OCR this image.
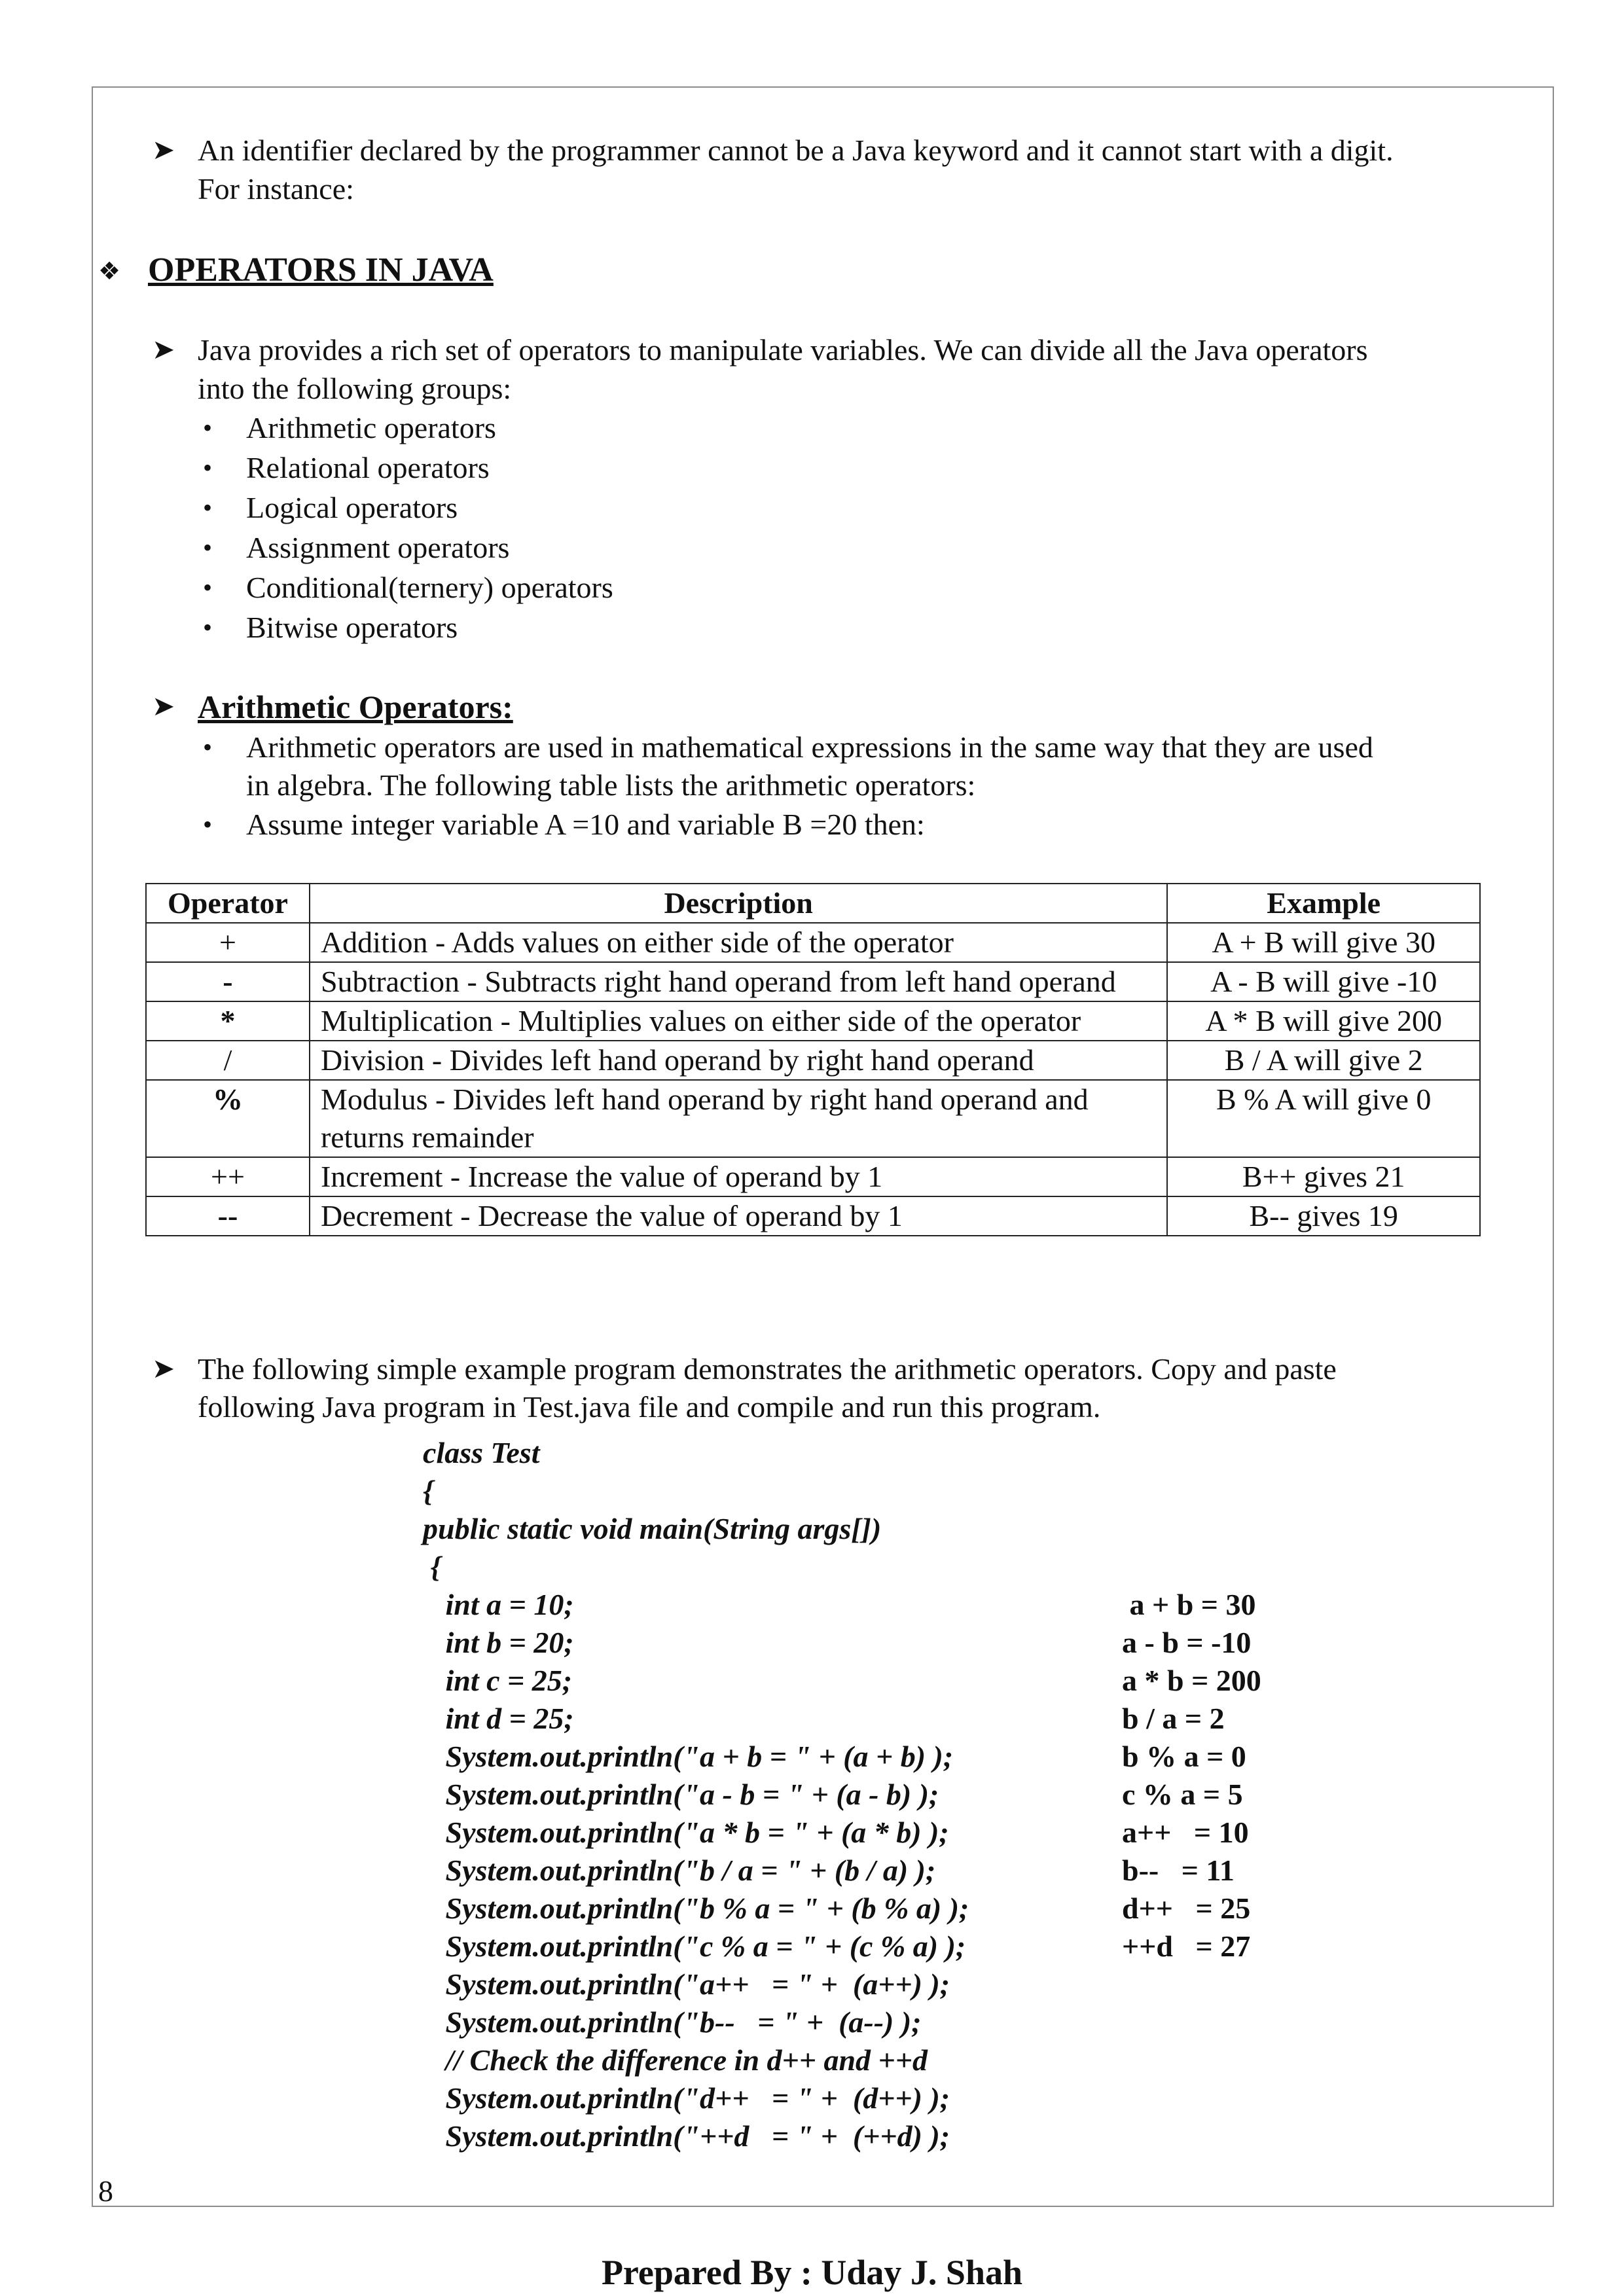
➤ An identifier declared by the programmer cannot be a Java keyword and it cannot start with a digit.
For instance:
❖ OPERATORS IN JAVA
➤ Java provides a rich set of operators to manipulate variables. We can divide all the Java operators
into the following groups:
• Arithmetic operators
• Relational operators
• Logical operators
• Assignment operators
• Conditional(ternery) operators
• Bitwise operators
➤ Arithmetic Operators:
• Arithmetic operators are used in mathematical expressions in the same way that they are used
in algebra. The following table lists the arithmetic operators:
• Assume integer variable A =10 and variable B =20 then:
Operator	Description	Example
+	Addition - Adds values on either side of the operator	A + B will give 30
-	Subtraction - Subtracts right hand operand from left hand operand	A - B will give -10
*	Multiplication - Multiplies values on either side of the operator	A * B will give 200
/	Division - Divides left hand operand by right hand operand	B / A will give 2
%	Modulus - Divides left hand operand by right hand operand and returns remainder	B % A will give 0
++	Increment - Increase the value of operand by 1	B++ gives 21
--	Decrement - Decrease the value of operand by 1	B-- gives 19
➤ The following simple example program demonstrates the arithmetic operators. Copy and paste
following Java program in Test.java file and compile and run this program.
class Test
{
public static void main(String args[])
{
int a = 10;
int b = 20;
int c = 25;
int d = 25;
System.out.println("a + b = " + (a + b) );
System.out.println("a - b = " + (a - b) );
System.out.println("a * b = " + (a * b) );
System.out.println("b / a = " + (b / a) );
System.out.println("b % a = " + (b % a) );
System.out.println("c % a = " + (c % a) );
System.out.println("a++   = " +  (a++) );
System.out.println("b--   = " +  (a--) );
// Check the difference in d++ and ++d
System.out.println("d++   = " +  (d++) );
System.out.println("++d   = " +  (++d) );
a + b = 30
a - b = -10
a * b = 200
b / a = 2
b % a = 0
c % a = 5
a++   = 10
b--   = 11
d++   = 25
++d   = 27
8
Prepared By : Uday J. Shah
